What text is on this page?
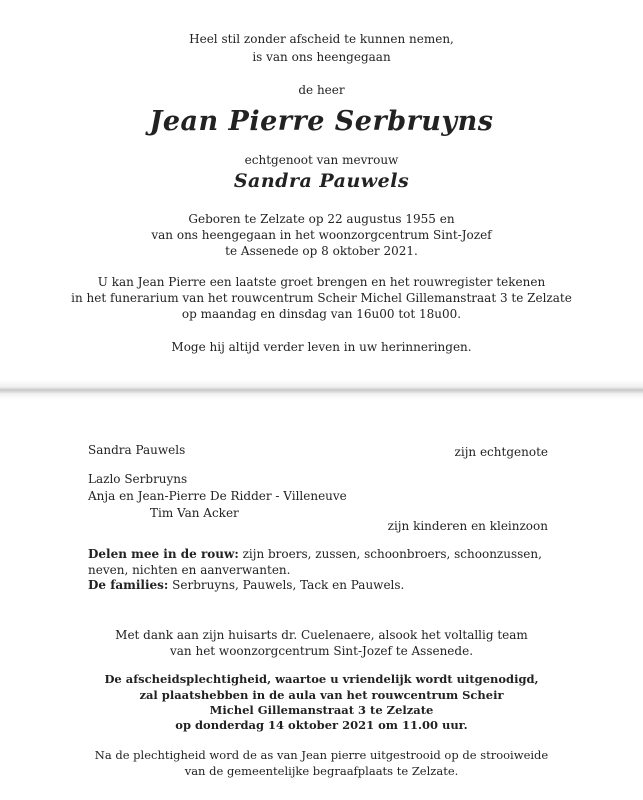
Heel stil zonder afscheid te kunnen nemen,
is van ons heengegaan
de heer
Jean Pierre Serbruyns
echtgenoot van mevrouw
Sandra Pauwels
Geboren te Zelzate op 22 augustus 1955 en
van ons heengegaan in het woonzorgcentrum Sint-Jozef
te Assenede op 8 oktober 2021.
U kan Jean Pierre een laatste groet brengen en het rouwregister tekenen
in het funerarium van het rouwcentrum Scheir Michel Gillemanstraat 3 te Zelzate
op maandag en dinsdag van 16u00 tot 18u00.
Moge hij altijd verder leven in uw herinneringen.
Sandra Pauwels	zijn echtgenote
Lazlo Serbruyns
Anja en Jean-Pierre De Ridder - Villeneuve
Tim Van Acker
zijn kinderen en kleinzoon
Delen mee in de rouw: zijn broers, zussen, schoonbroers, schoonzussen,
neven, nichten en aanverwanten.
De families: Serbruyns, Pauwels, Tack en Pauwels.
Met dank aan zijn huisarts dr. Cuelenaere, alsook het voltallig team
van het woonzorgcentrum Sint-Jozef te Assenede.
De afscheidsplechtigheid, waartoe u vriendelijk wordt uitgenodigd,
zal plaatshebben in de aula van het rouwcentrum Scheir
Michel Gillemanstraat 3 te Zelzate
op donderdag 14 oktober 2021 om 11.00 uur.
Na de plechtigheid word de as van Jean pierre uitgestrooid op de strooiweide
van de gemeentelijke begraafplaats te Zelzate.
